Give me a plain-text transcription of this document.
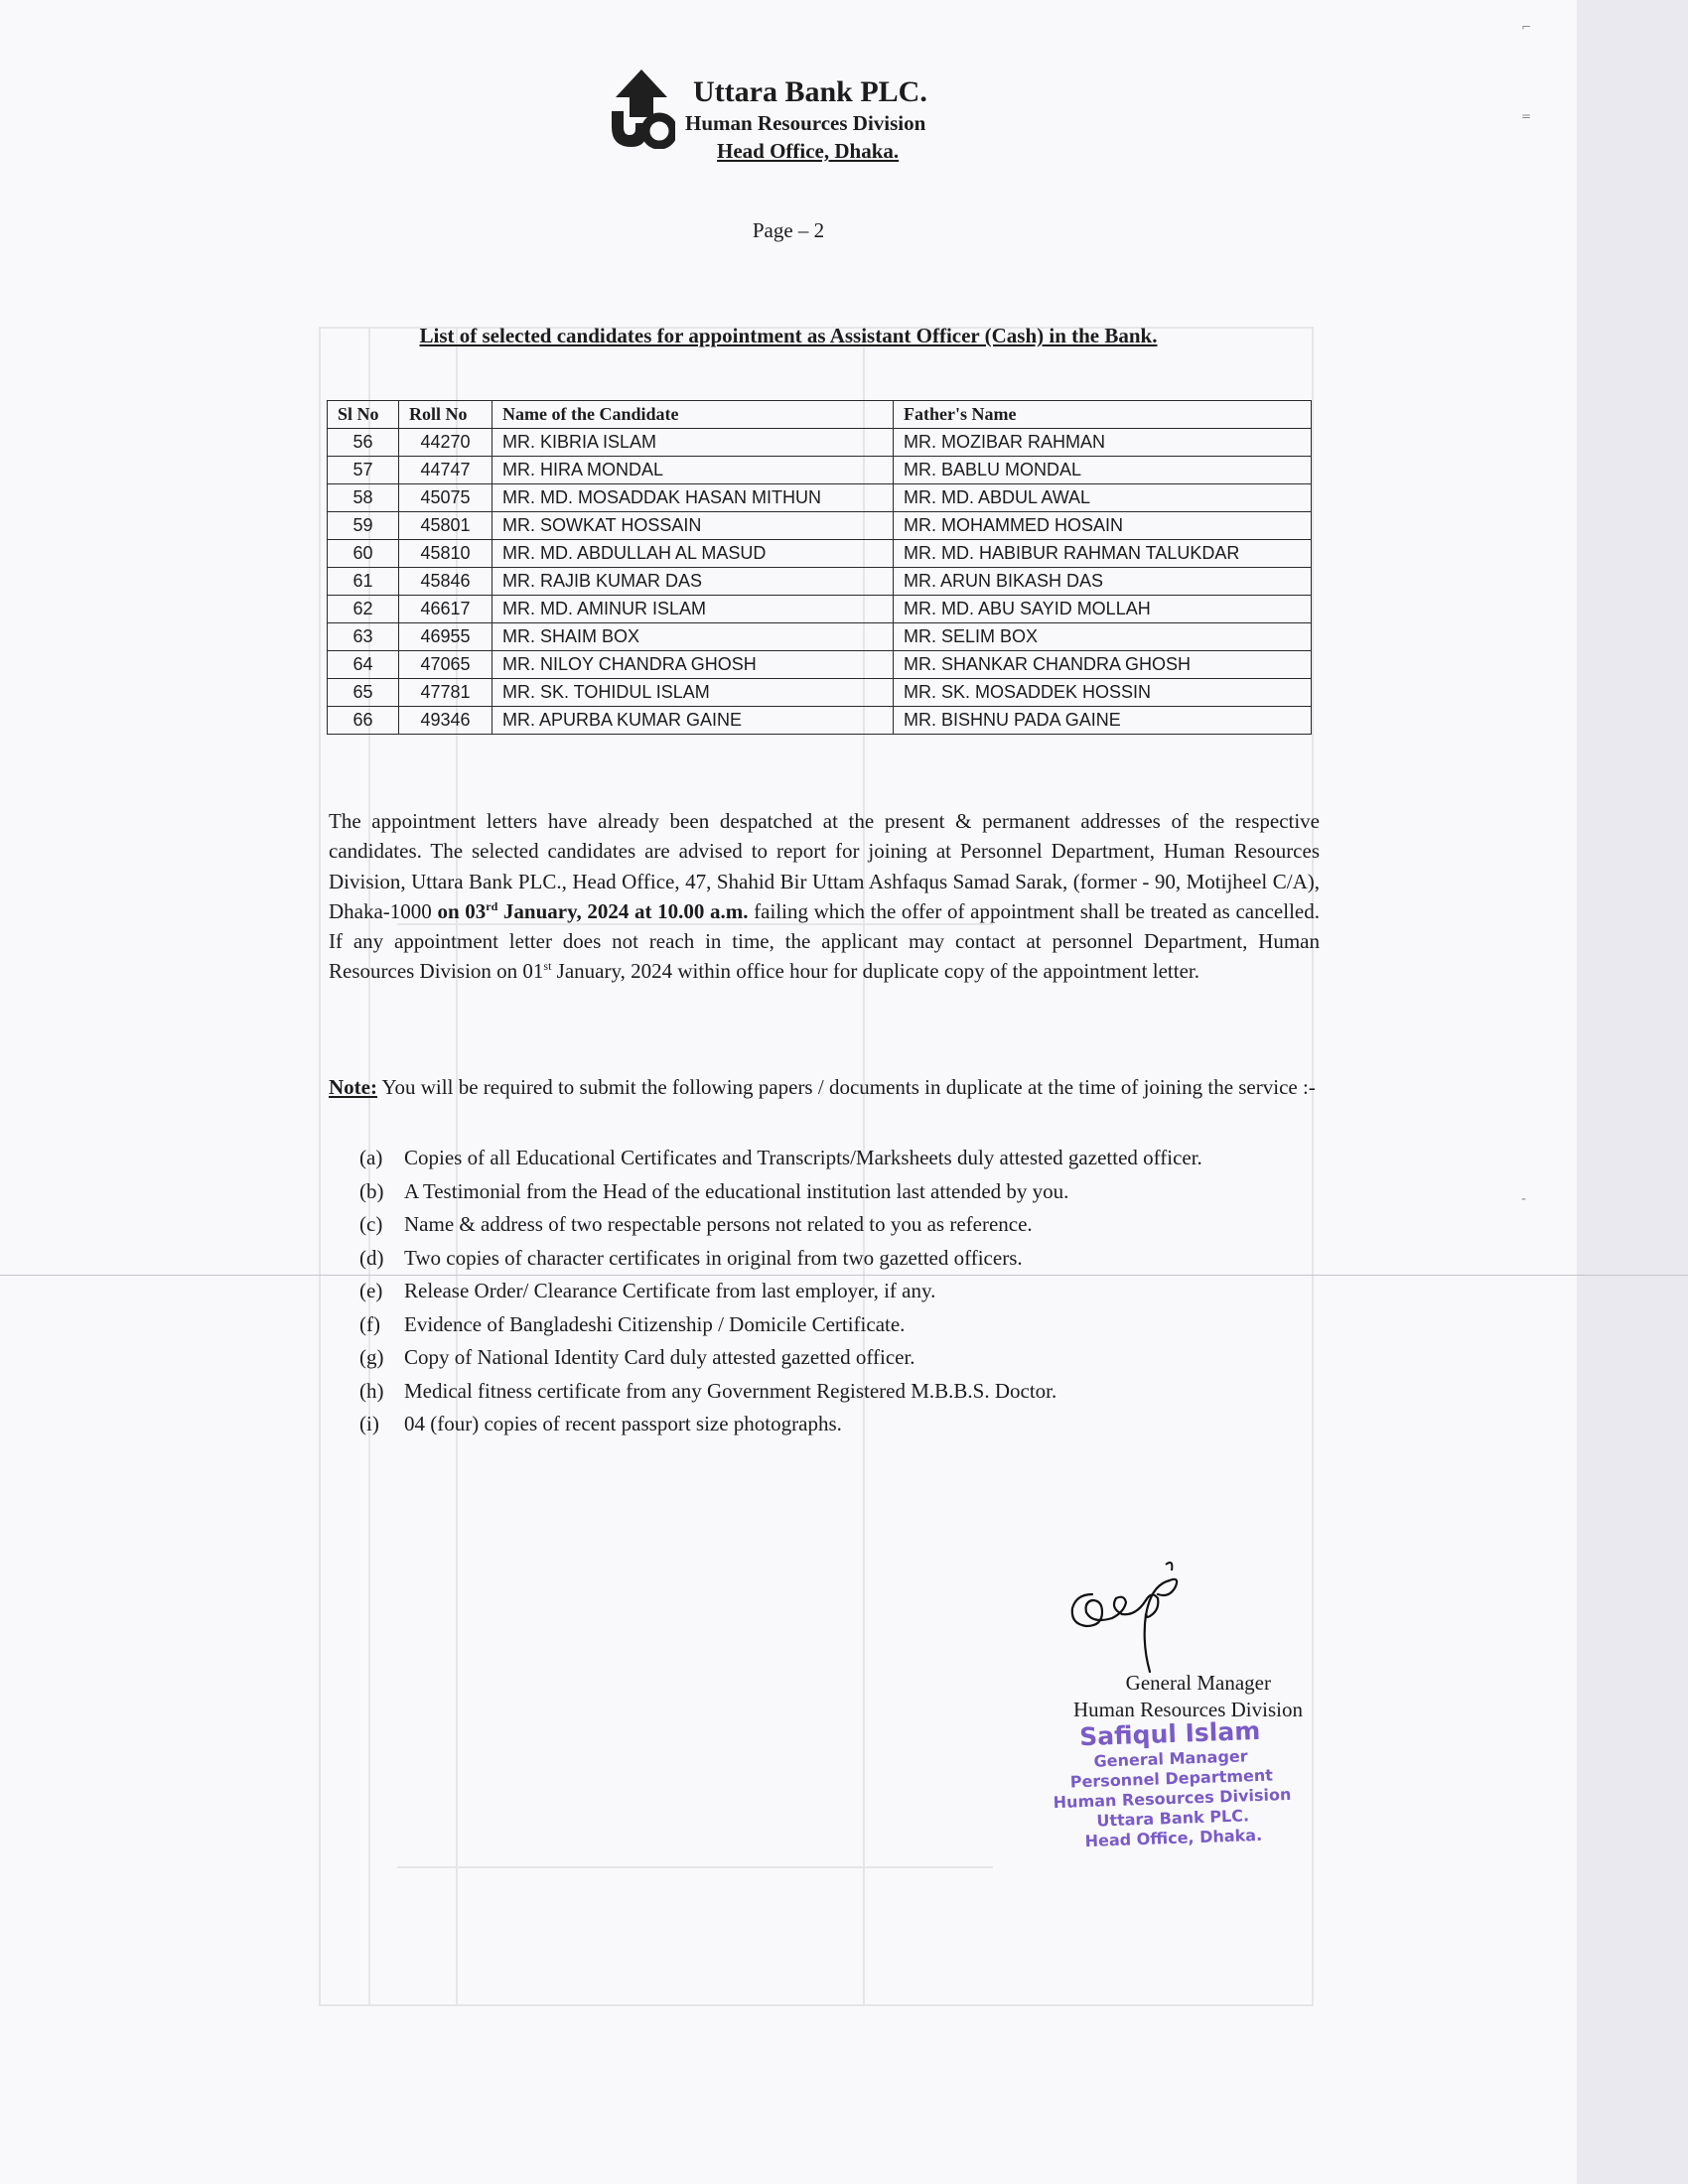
Uttara Bank PLC.
Human Resources Division
Head Office, Dhaka.
Page – 2
List of selected candidates for appointment as Assistant Officer (Cash) in the Bank.
Sl No	Roll No	Name of the Candidate	Father's Name
56	44270	MR. KIBRIA ISLAM	MR. MOZIBAR RAHMAN
57	44747	MR. HIRA MONDAL	MR. BABLU MONDAL
58	45075	MR. MD. MOSADDAK HASAN MITHUN	MR. MD. ABDUL AWAL
59	45801	MR. SOWKAT HOSSAIN	MR. MOHAMMED HOSAIN
60	45810	MR. MD. ABDULLAH AL MASUD	MR. MD. HABIBUR RAHMAN TALUKDAR
61	45846	MR. RAJIB KUMAR DAS	MR. ARUN BIKASH DAS
62	46617	MR. MD. AMINUR ISLAM	MR. MD. ABU SAYID MOLLAH
63	46955	MR. SHAIM BOX	MR. SELIM BOX
64	47065	MR. NILOY CHANDRA GHOSH	MR. SHANKAR CHANDRA GHOSH
65	47781	MR. SK. TOHIDUL ISLAM	MR. SK. MOSADDEK HOSSIN
66	49346	MR. APURBA KUMAR GAINE	MR. BISHNU PADA GAINE

The appointment letters have already been despatched at the present & permanent addresses of the respective candidates. The selected candidates are advised to report for joining at Personnel Department, Human Resources Division, Uttara Bank PLC., Head Office, 47, Shahid Bir Uttam Ashfaqus Samad Sarak, (former - 90, Motijheel C/A), Dhaka-1000 on 03rd January, 2024 at 10.00 a.m. failing which the offer of appointment shall be treated as cancelled. If any appointment letter does not reach in time, the applicant may contact at personnel Department, Human Resources Division on 01st January, 2024 within office hour for duplicate copy of the appointment letter.

Note: You will be required to submit the following papers / documents in duplicate at the time of joining the service :-

(a)	Copies of all Educational Certificates and Transcripts/Marksheets duly attested gazetted officer.
(b) A Testimonial from the Head of the educational institution last attended by you.
(c)	Name & address of two respectable persons not related to you as reference.
(d) Two copies of character certificates in original from two gazetted officers.
(e)	Release Order/ Clearance Certificate from last employer, if any.
(f)	Evidence of Bangladeshi Citizenship / Domicile Certificate.
(g) Copy of National Identity Card duly attested gazetted officer.
(h) Medical fitness certificate from any Government Registered M.B.B.S. Doctor.
(i)	04 (four) copies of recent passport size photographs.
General Manager
Human Resources Division
Safiqul Islam
General Manager
Personnel Department
Human Resources Division
Uttara Bank PLC.
Head Office, Dhaka.
⌐
=
-
